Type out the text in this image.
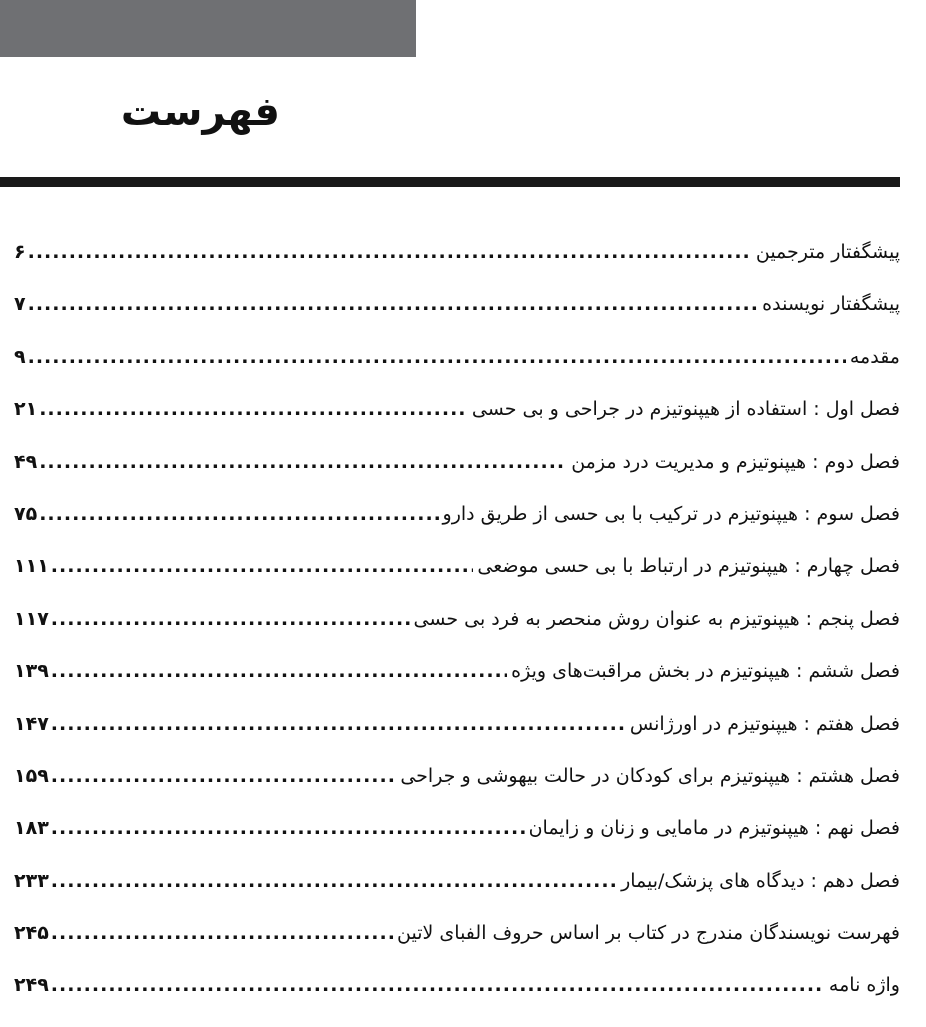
فهرست
پیشگفتار مترجمین
.....
۶
پیشگفتار نویسنده
.....
۷
مقدمه
.....
۹
فصل اول : استفاده از هیپنوتیزم در جراحی و بی حسی
.....
۲۱
فصل دوم : هیپنوتیزم و مدیریت درد مزمن
.....
۴۹
فصل سوم : هیپنوتیزم در ترکیب با بی حسی از طریق دارو
.....
۷۵
فصل چهارم : هیپنوتیزم در ارتباط با بی حسی موضعی
.....
۱۱۱
فصل پنجم : هیپنوتیزم به عنوان روش منحصر به فرد بی حسی
.....
۱۱۷
فصل ششم : هیپنوتیزم در بخش مراقبت‌های ویژه
.....
۱۳۹
فصل هفتم : هیپنوتیزم در اورژانس
.....
۱۴۷
فصل هشتم : هیپنوتیزم برای کودکان در حالت بیهوشی و جراحی
.....
۱۵۹
فصل نهم : هیپنوتیزم در مامایی و زنان و زایمان
.....
۱۸۳
فصل دهم : دیدگاه های پزشک/بیمار
.....
۲۳۳
فهرست نویسندگان مندرج در کتاب بر اساس حروف الفبای لاتین
.....
۲۴۵
واژه نامه
.....
۲۴۹
